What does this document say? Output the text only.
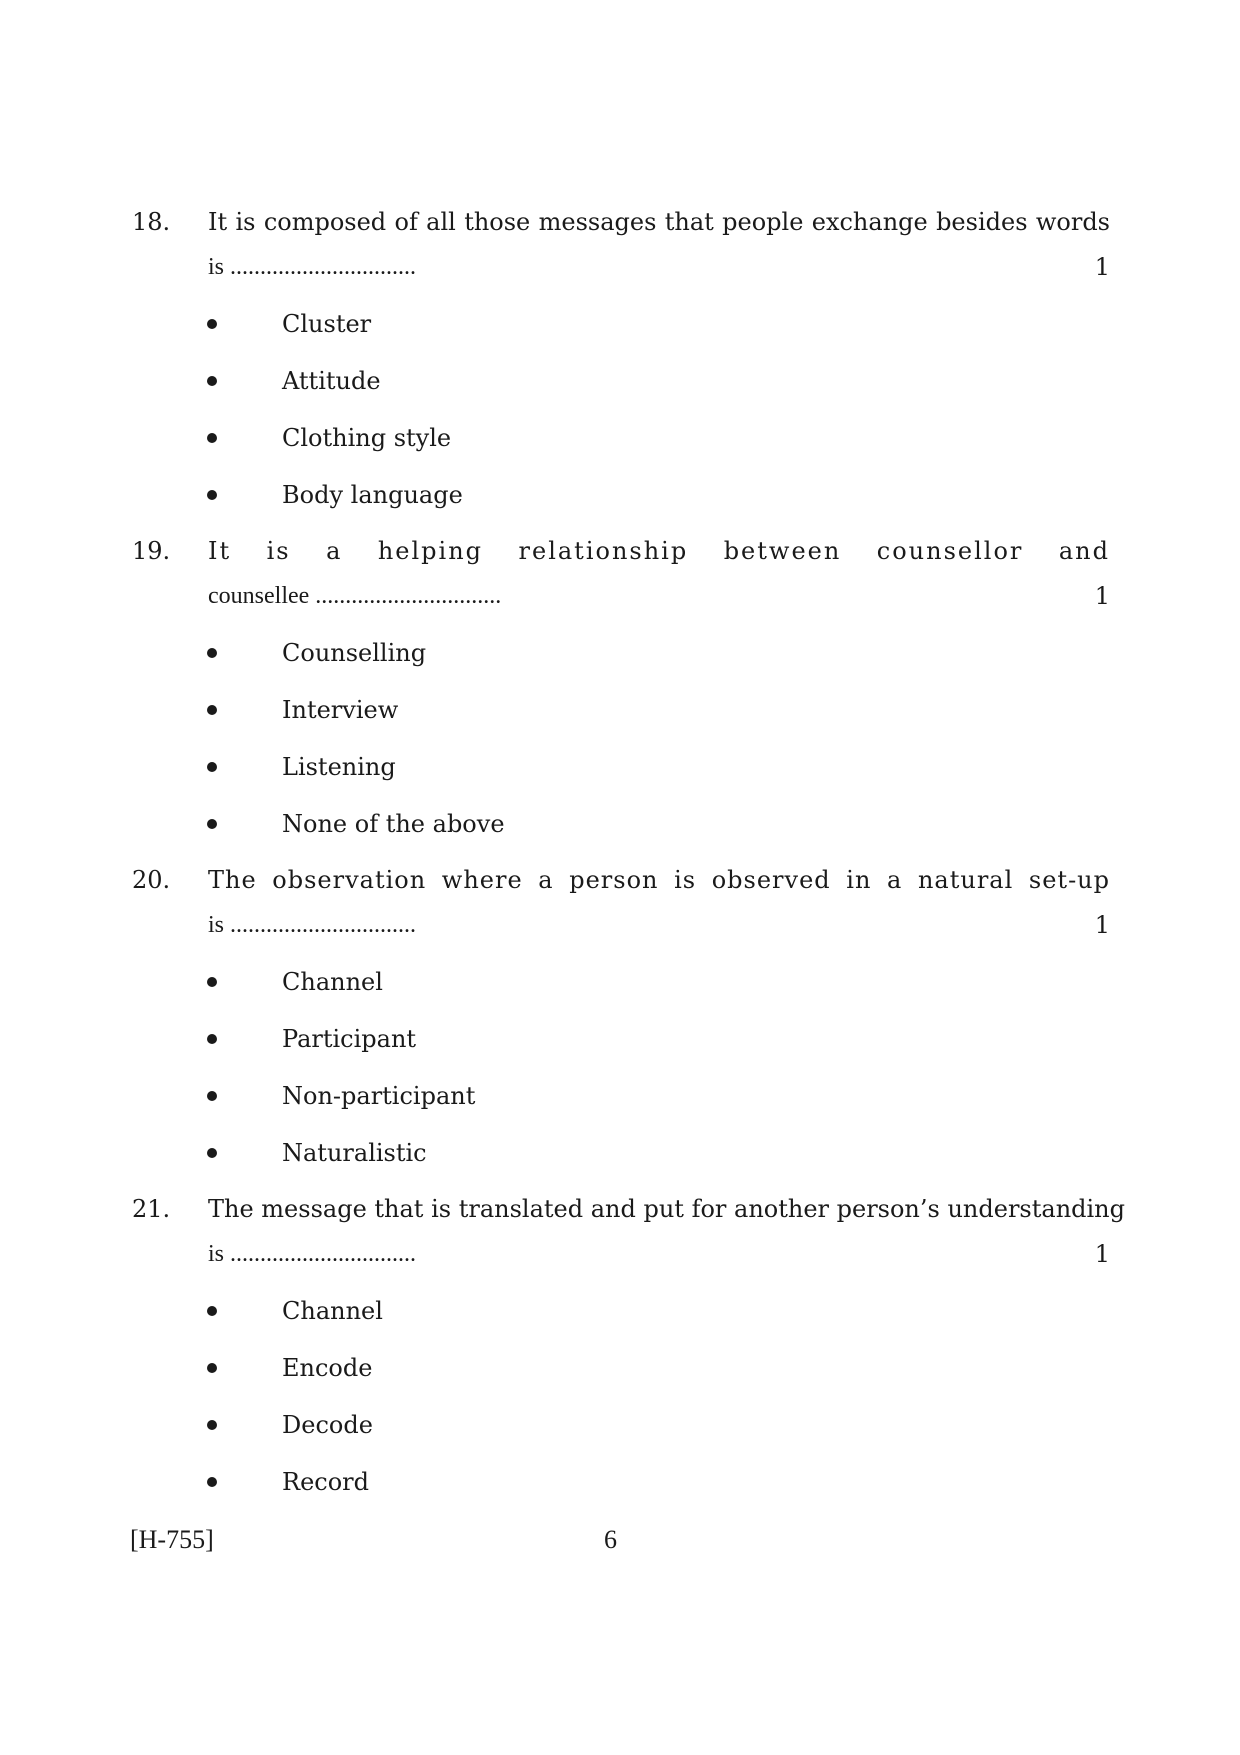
18. It is composed of all those messages that people exchange besides words
is ...............................	1
Cluster
Attitude
Clothing style
Body language
19. It is a helping relationship between counsellor and
counsellee ...............................	1
Counselling
Interview
Listening
None of the above
20. The observation where a person is observed in a natural set-up
is ...............................	1
Channel
Participant
Non-participant
Naturalistic
21. The message that is translated and put for another person’s understanding
is ...............................	1
Channel
Encode
Decode
Record
[H-755]	6
